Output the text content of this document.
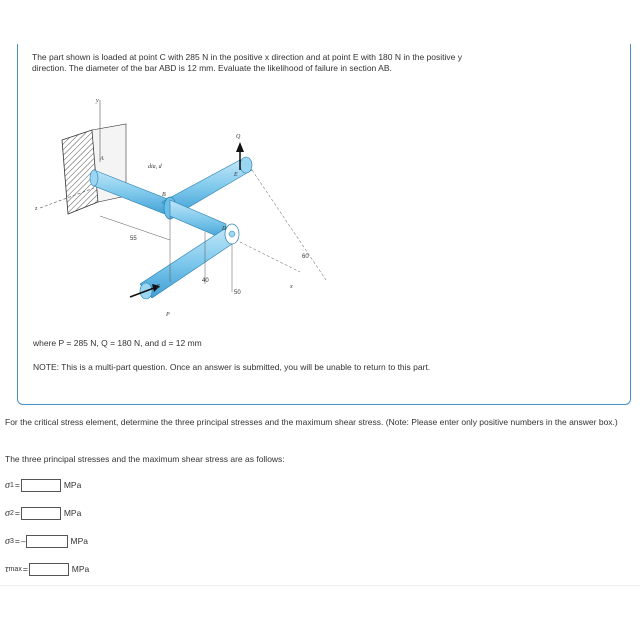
The part shown is loaded at point C with 285 N in the positive x direction and at point E with 180 N in the positive y
direction. The diameter of the bar ABD is 12 mm. Evaluate the likelihood of failure in section AB.
y
z
Q
P
A
B
C
D
E
dia, d
55
40
50
60
x
where P = 285 N, Q = 180 N, and d = 12 mm
NOTE: This is a multi-part question. Once an answer is submitted, you will be unable to return to this part.
For the critical stress element, determine the three principal stresses and the maximum shear stress. (Note: Please enter only positive numbers in the answer box.)
The three principal stresses and the maximum shear stress are as follows:
σ 1 =	MPa
σ 2 =	MPa
σ 3 = –	MPa
τ max =	MPa
